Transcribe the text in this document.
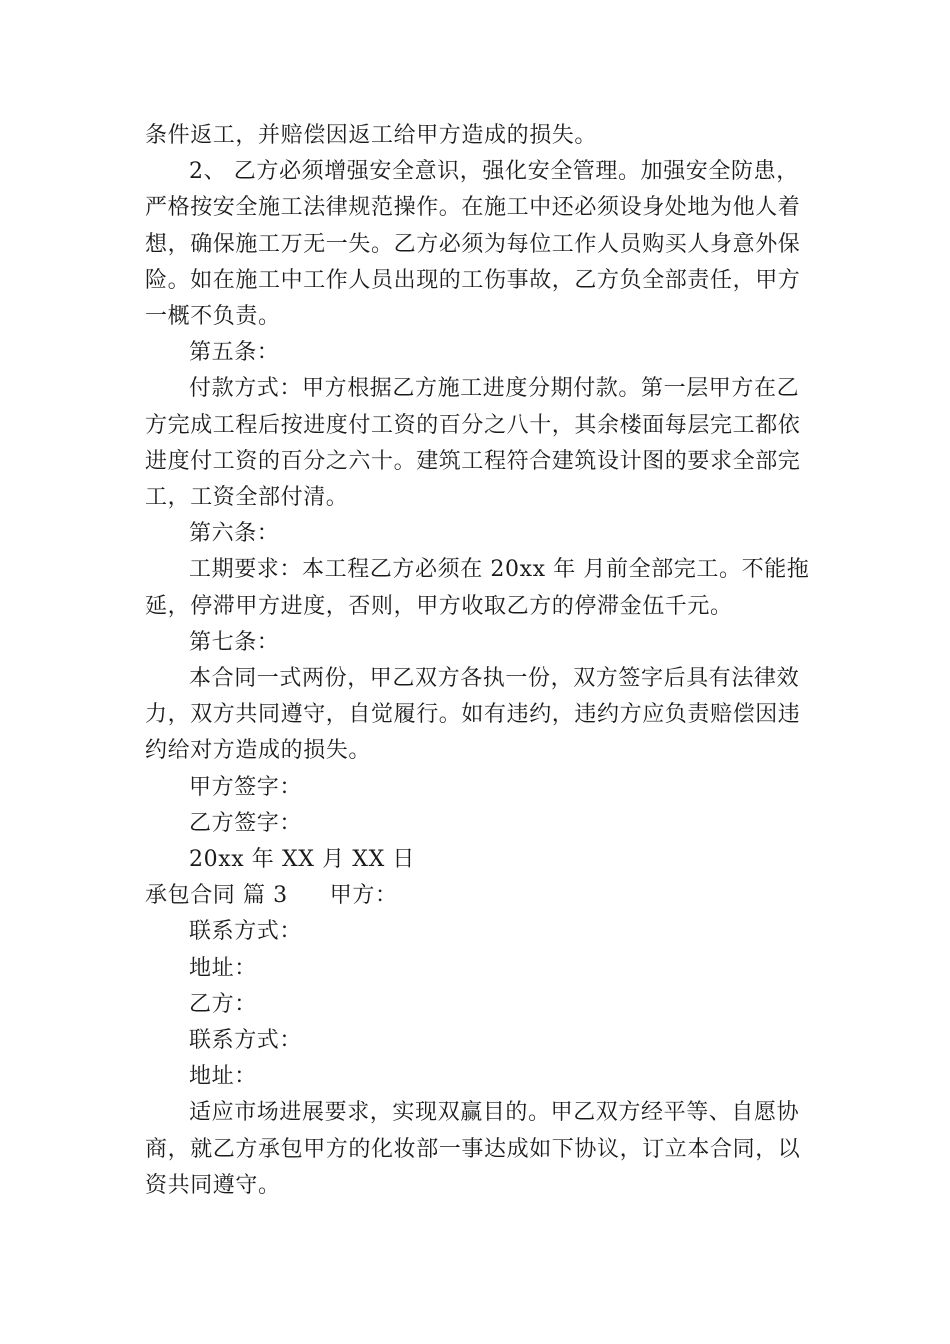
条件返工，并赔偿因返工给甲方造成的损失。

2、 乙方必须增强安全意识，强化安全管理。加强安全防患，严格按安全施工法律规范操作。在施工中还必须设身处地为他人着想，确保施工万无一失。乙方必须为每位工作人员购买人身意外保险。如在施工中工作人员出现的工伤事故，乙方负全部责任，甲方一概不负责。

第五条：

付款方式：甲方根据乙方施工进度分期付款。第一层甲方在乙方完成工程后按进度付工资的百分之八十，其余楼面每层完工都依进度付工资的百分之六十。建筑工程符合建筑设计图的要求全部完工，工资全部付清。

第六条：

工期要求：本工程乙方必须在 20xx 年 月前全部完工。不能拖延，停滞甲方进度，否则，甲方收取乙方的停滞金伍千元。

第七条：

本合同一式两份，甲乙双方各执一份，双方签字后具有法律效力，双方共同遵守，自觉履行。如有违约，违约方应负责赔偿因违约给对方造成的损失。

甲方签字：

乙方签字：

20xx 年 XX 月 XX 日

承包合同 篇 3 甲方：

联系方式：

地址：

乙方：

联系方式：

地址：

适应市场进展要求，实现双赢目的。甲乙双方经平等、自愿协商，就乙方承包甲方的化妆部一事达成如下协议，订立本合同，以资共同遵守。
